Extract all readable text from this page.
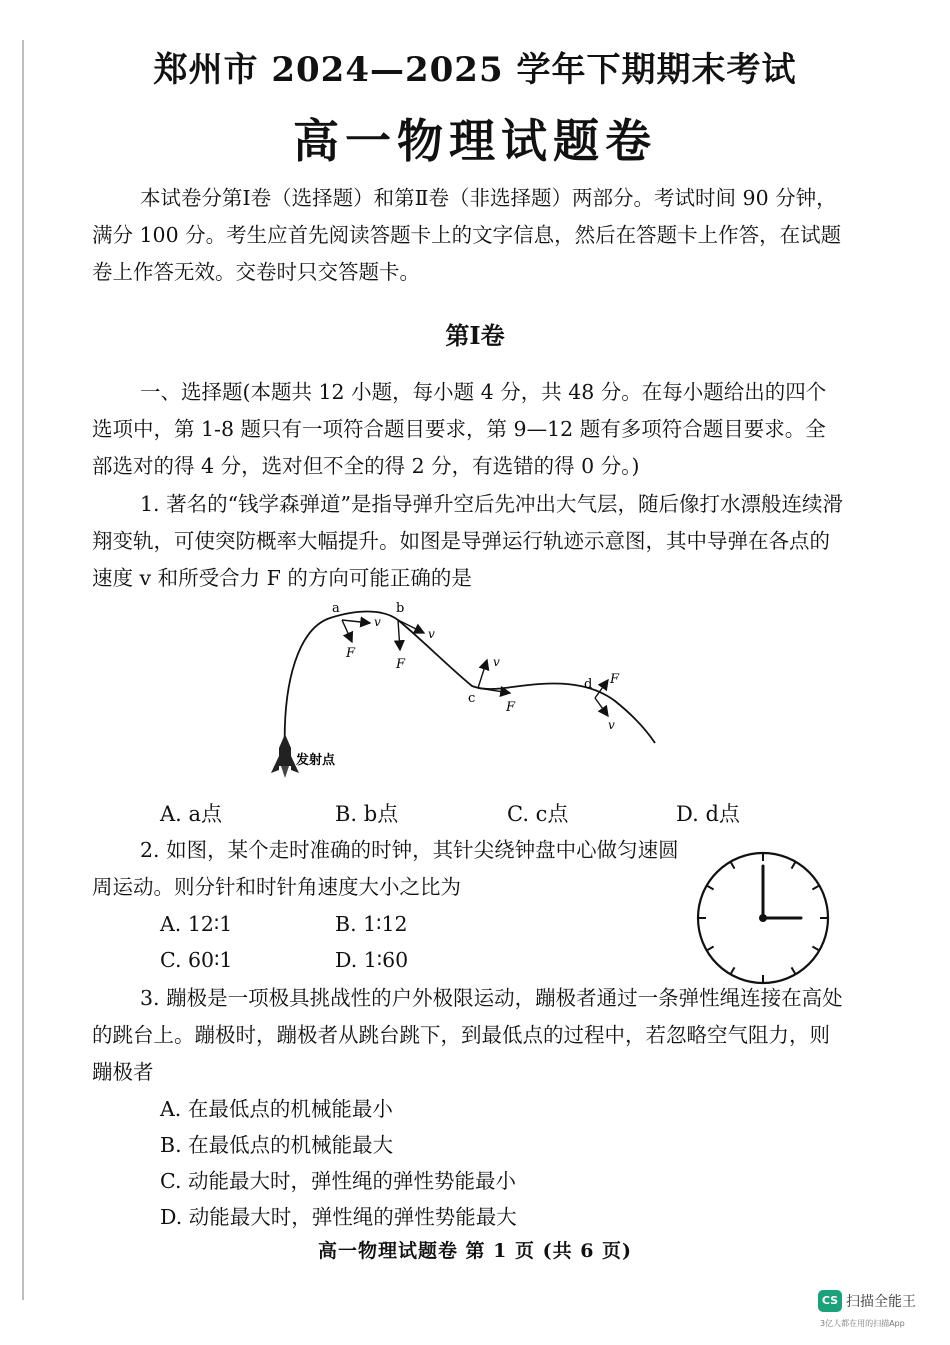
郑州市 2024—2025 学年下期期末考试
高一物理试题卷
本试卷分第Ⅰ卷（选择题）和第Ⅱ卷（非选择题）两部分。考试时间 90 分钟，满分 100 分。考生应首先阅读答题卡上的文字信息，然后在答题卡上作答，在试题卷上作答无效。交卷时只交答题卡。
第Ⅰ卷
一、选择题(本题共 12 小题，每小题 4 分，共 48 分。在每小题给出的四个选项中，第 1-8 题只有一项符合题目要求，第 9—12 题有多项符合题目要求。全部选对的得 4 分，选对但不全的得 2 分，有选错的得 0 分。)
1. 著名的“钱学森弹道”是指导弹升空后先冲出大气层，随后像打水漂般连续滑翔变轨，可使突防概率大幅提升。如图是导弹运行轨迹示意图，其中导弹在各点的速度 v 和所受合力 F 的方向可能正确的是
发射点
a
v
F
b
v
F
c
v
F
d F
v
A. a点	B. b点	C. c点	D. d点
2. 如图，某个走时准确的时钟，其针尖绕钟盘中心做匀速圆周运动。则分针和时针角速度大小之比为
A. 12∶1	B. 1∶12
C. 60∶1	D. 1∶60
3. 蹦极是一项极具挑战性的户外极限运动，蹦极者通过一条弹性绳连接在高处的跳台上。蹦极时，蹦极者从跳台跳下，到最低点的过程中，若忽略空气阻力，则蹦极者
A. 在最低点的机械能最小
B. 在最低点的机械能最大
C. 动能最大时，弹性绳的弹性势能最小
D. 动能最大时，弹性绳的弹性势能最大
高一物理试题卷 第 1 页 (共 6 页)
CS 扫描全能王
3亿人都在用的扫描App
